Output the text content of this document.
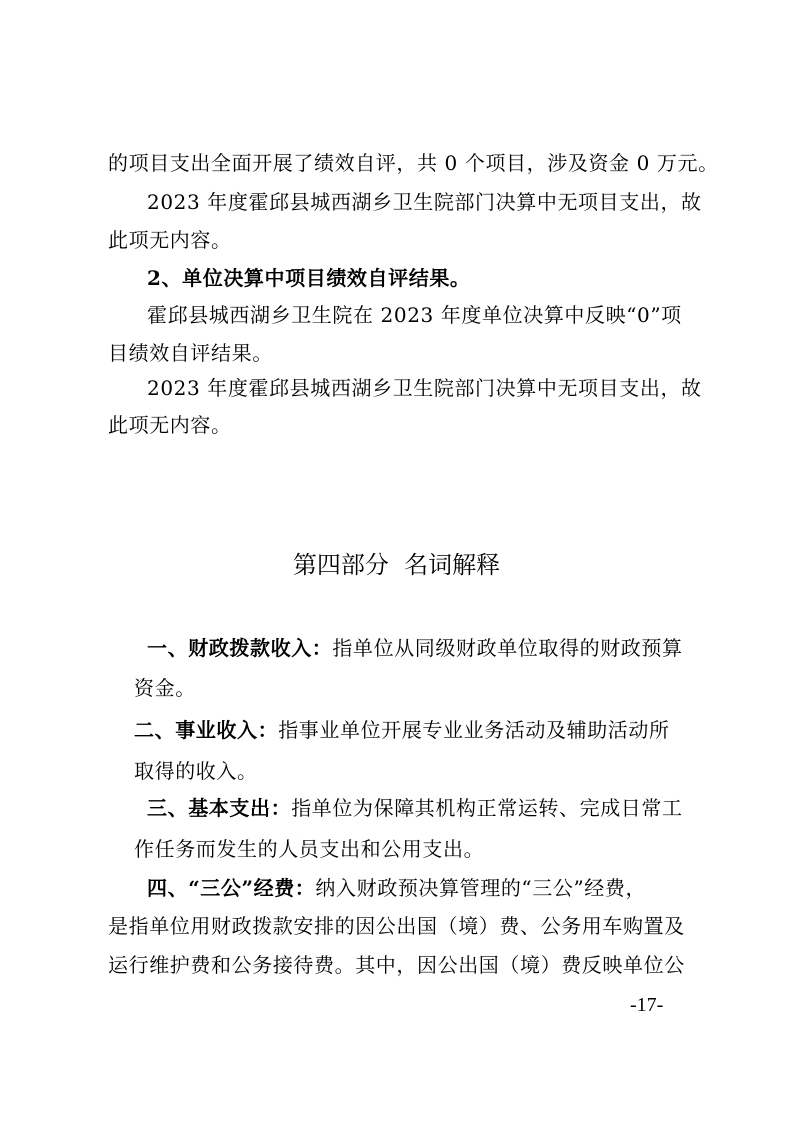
的项目支出全面开展了绩效自评，共 0 个项目，涉及资金 0 万元。

2023 年度霍邱县城西湖乡卫生院部门决算中无项目支出，故

此项无内容。

2、单位决算中项目绩效自评结果。

霍邱县城西湖乡卫生院在 2023 年度单位决算中反映“0”项

目绩效自评结果。

2023 年度霍邱县城西湖乡卫生院部门决算中无项目支出，故

此项无内容。

第四部分  名词解释

一、财政拨款收入：指单位从同级财政单位取得的财政预算

资金。

二、事业收入：指事业单位开展专业业务活动及辅助活动所

取得的收入。

三、基本支出：指单位为保障其机构正常运转、完成日常工

作任务而发生的人员支出和公用支出。

四、“三公”经费：纳入财政预决算管理的“三公”经费，

是指单位用财政拨款安排的因公出国（境）费、公务用车购置及

运行维护费和公务接待费。其中，因公出国（境）费反映单位公

-17-
